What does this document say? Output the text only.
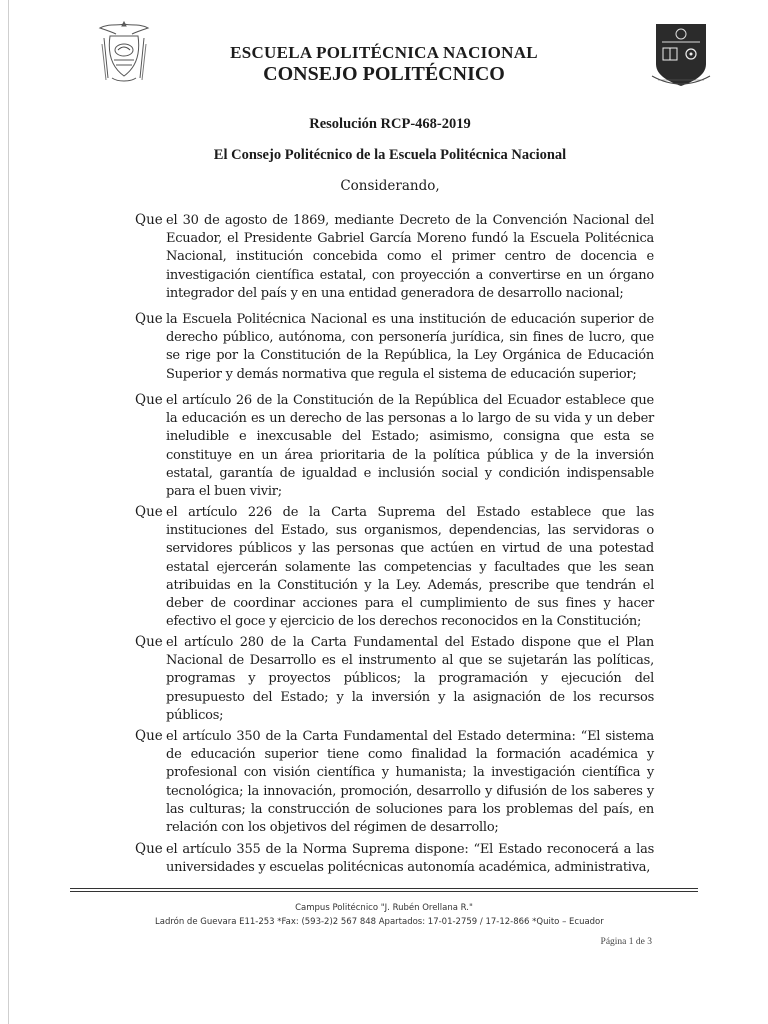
ESCUELA POLITÉCNICA NACIONAL
CONSEJO POLITÉCNICO
Resolución RCP-468-2019
El Consejo Politécnico de la Escuela Politécnica Nacional
Considerando,
Que el 30 de agosto de 1869, mediante Decreto de la Convención Nacional del Ecuador, el Presidente Gabriel García Moreno fundó la Escuela Politécnica Nacional, institución concebida como el primer centro de docencia e investigación científica estatal, con proyección a convertirse en un órgano integrador del país y en una entidad generadora de desarrollo nacional;
Que la Escuela Politécnica Nacional es una institución de educación superior de derecho público, autónoma, con personería jurídica, sin fines de lucro, que se rige por la Constitución de la República, la Ley Orgánica de Educación Superior y demás normativa que regula el sistema de educación superior;
Que el artículo 26 de la Constitución de la República del Ecuador establece que la educación es un derecho de las personas a lo largo de su vida y un deber ineludible e inexcusable del Estado; asimismo, consigna que esta se constituye en un área prioritaria de la política pública y de la inversión estatal, garantía de igualdad e inclusión social y condición indispensable para el buen vivir;
Que el artículo 226 de la Carta Suprema del Estado establece que las instituciones del Estado, sus organismos, dependencias, las servidoras o servidores públicos y las personas que actúen en virtud de una potestad estatal ejercerán solamente las competencias y facultades que les sean atribuidas en la Constitución y la Ley. Además, prescribe que tendrán el deber de coordinar acciones para el cumplimiento de sus fines y hacer efectivo el goce y ejercicio de los derechos reconocidos en la Constitución;
Que el artículo 280 de la Carta Fundamental del Estado dispone que el Plan Nacional de Desarrollo es el instrumento al que se sujetarán las políticas, programas y proyectos públicos; la programación y ejecución del presupuesto del Estado; y la inversión y la asignación de los recursos públicos;
Que el artículo 350 de la Carta Fundamental del Estado determina: “El sistema de educación superior tiene como finalidad la formación académica y profesional con visión científica y humanista; la investigación científica y tecnológica; la innovación, promoción, desarrollo y difusión de los saberes y las culturas; la construcción de soluciones para los problemas del país, en relación con los objetivos del régimen de desarrollo;
Que el artículo 355 de la Norma Suprema dispone: “El Estado reconocerá a las universidades y escuelas politécnicas autonomía académica, administrativa,
Campus Politécnico "J. Rubén Orellana R."
Ladrón de Guevara E11-253 *Fax: (593-2)2 567 848 Apartados: 17-01-2759 / 17-12-866 *Quito – Ecuador
Página 1 de 3
